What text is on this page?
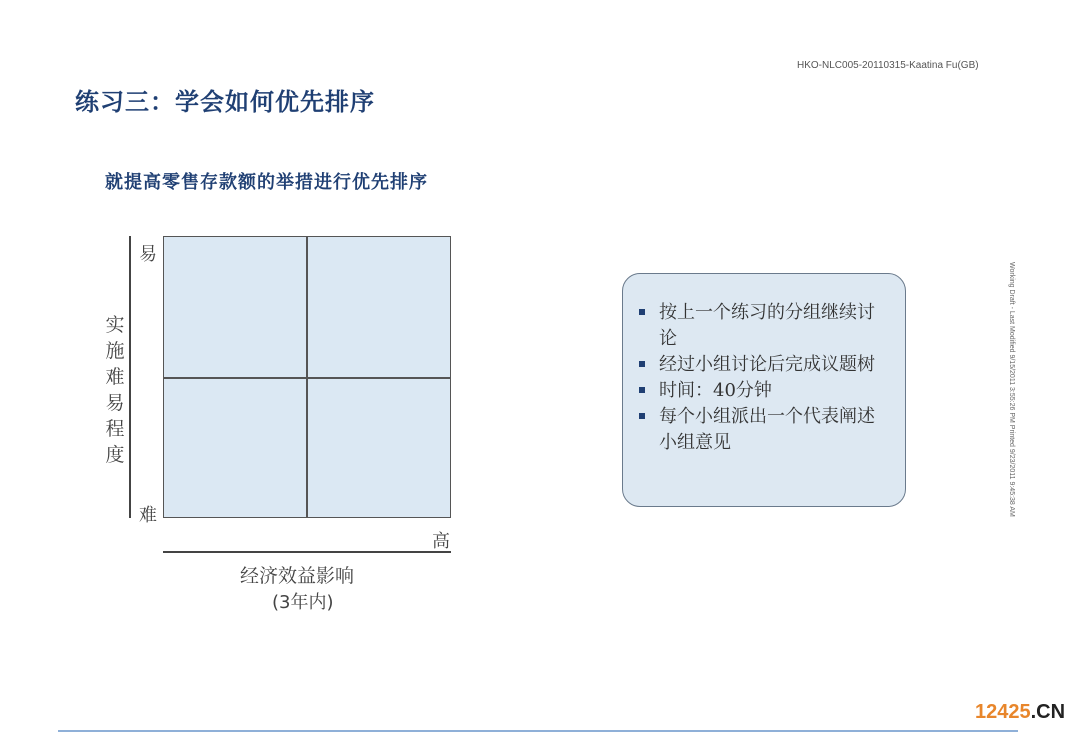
HKO-NLC005-20110315-Kaatina Fu(GB)
练习三：学会如何优先排序
就提高零售存款额的举措进行优先排序
易
难
高
实
施
难
易
程
度
经济效益影响
(3年内)
按上一个练习的分组继续讨论
经过小组讨论后完成议题树
时间：40分钟
每个小组派出一个代表阐述小组意见	Working Draft - Last Modified 9/15/2011 3:55:26 PM Printed 9/23/2011 9:45:38 AM
12425.CN
